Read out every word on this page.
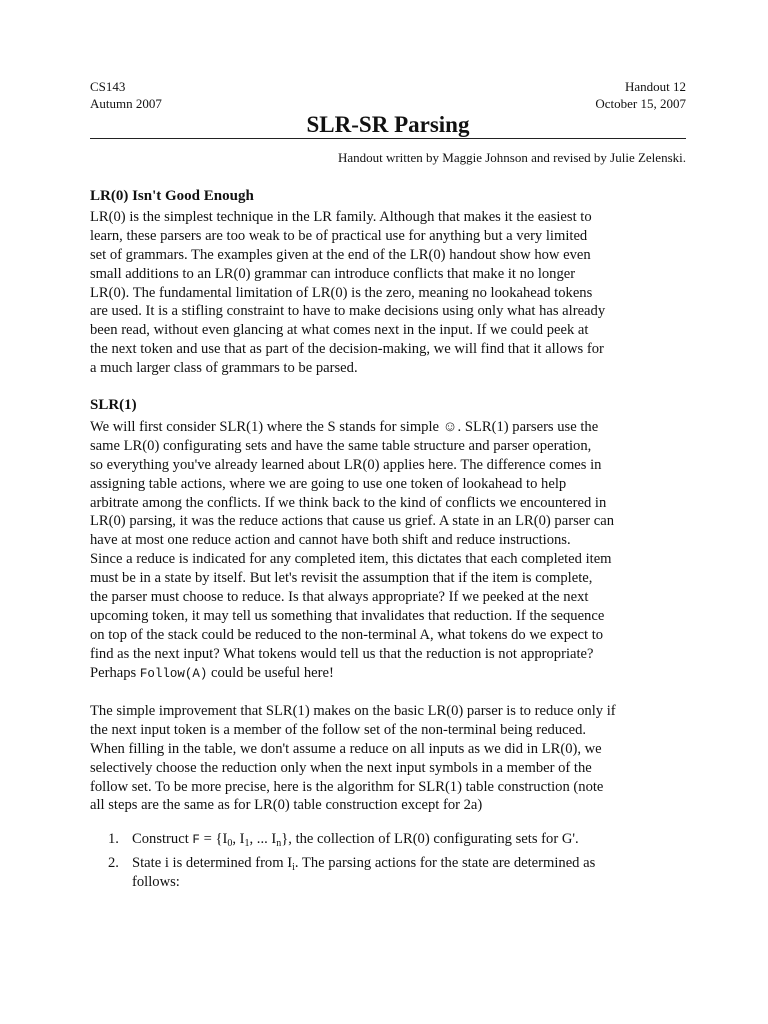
CS143	Handout 12
Autumn 2007	October 15, 2007
SLR-SR Parsing
Handout written by Maggie Johnson and revised by Julie Zelenski.
LR(0) Isn't Good Enough
LR(0) is the simplest technique in the LR family. Although that makes it the easiest to
learn, these parsers are too weak to be of practical use for anything but a very limited
set of grammars. The examples given at the end of the LR(0) handout show how even
small additions to an LR(0) grammar can introduce conflicts that make it no longer
LR(0). The fundamental limitation of LR(0) is the zero, meaning no lookahead tokens
are used. It is a stifling constraint to have to make decisions using only what has already
been read, without even glancing at what comes next in the input. If we could peek at
the next token and use that as part of the decision-making, we will find that it allows for
a much larger class of grammars to be parsed.
SLR(1)
We will first consider SLR(1) where the S stands for simple ☺. SLR(1) parsers use the
same LR(0) configurating sets and have the same table structure and parser operation,
so everything you've already learned about LR(0) applies here. The difference comes in
assigning table actions, where we are going to use one token of lookahead to help
arbitrate among the conflicts. If we think back to the kind of conflicts we encountered in
LR(0) parsing, it was the reduce actions that cause us grief. A state in an LR(0) parser can
have at most one reduce action and cannot have both shift and reduce instructions.
Since a reduce is indicated for any completed item, this dictates that each completed item
must be in a state by itself. But let's revisit the assumption that if the item is complete,
the parser must choose to reduce. Is that always appropriate? If we peeked at the next
upcoming token, it may tell us something that invalidates that reduction. If the sequence
on top of the stack could be reduced to the non-terminal A, what tokens do we expect to
find as the next input? What tokens would tell us that the reduction is not appropriate?
Perhaps Follow(A) could be useful here!
The simple improvement that SLR(1) makes on the basic LR(0) parser is to reduce only if
the next input token is a member of the follow set of the non-terminal being reduced.
When filling in the table, we don't assume a reduce on all inputs as we did in LR(0), we
selectively choose the reduction only when the next input symbols in a member of the
follow set. To be more precise, here is the algorithm for SLR(1) table construction (note
all steps are the same as for LR(0) table construction except for 2a)
1. Construct $F = \{I_0$, $I_1$, ... $I_n$}, the collection of LR(0) configurating sets for G'.
2. State i is determined from $I_i$. The parsing actions for the state are determined as
follows:
